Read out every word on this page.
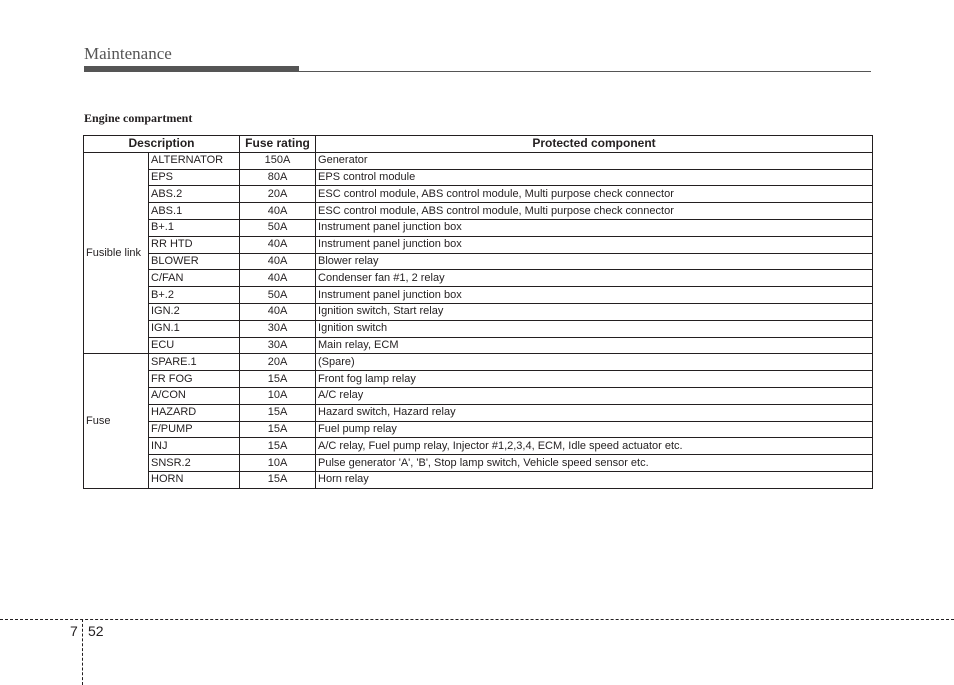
Maintenance
Engine compartment
Description		Fuse rating	Protected component
Fusible link	ALTERNATOR	150A	Generator
	EPS	80A	EPS control module
	ABS.2	20A	ESC control module, ABS control module, Multi purpose check connector
	ABS.1	40A	ESC control module, ABS control module, Multi purpose check connector
	B+.1	50A	Instrument panel junction box
	RR HTD	40A	Instrument panel junction box
	BLOWER	40A	Blower relay
	C/FAN	40A	Condenser fan #1, 2 relay
	B+.2	50A	Instrument panel junction box
	IGN.2	40A	Ignition switch, Start relay
	IGN.1	30A	Ignition switch
	ECU	30A	Main relay, ECM
Fuse	SPARE.1	20A	(Spare)
	FR FOG	15A	Front fog lamp relay
	A/CON	10A	A/C relay
	HAZARD	15A	Hazard switch, Hazard relay
	F/PUMP	15A	Fuel pump relay
	INJ	15A	A/C relay, Fuel pump relay, Injector #1,2,3,4, ECM, Idle speed actuator etc.
	SNSR.2	10A	Pulse generator 'A', 'B', Stop lamp switch, Vehicle speed sensor etc.
	HORN	15A	Horn relay
7 52
